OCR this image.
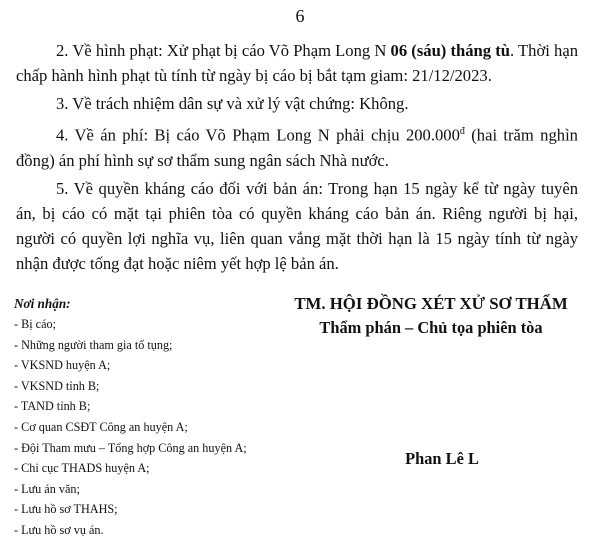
6

2. Về hình phạt: Xử phạt bị cáo Võ Phạm Long N 06 (sáu) tháng tù. Thời hạn chấp hành hình phạt tù tính từ ngày bị cáo bị bắt tạm giam: 21/12/2023.

3. Về trách nhiệm dân sự và xử lý vật chứng: Không.

4. Về án phí: Bị cáo Võ Phạm Long N phải chịu $200.000^đ$ (hai trăm nghìn đồng) án phí hình sự sơ thẩm sung ngân sách Nhà nước.

5. Về quyền kháng cáo đối với bản án: Trong hạn 15 ngày kể từ ngày tuyên án, bị cáo có mặt tại phiên tòa có quyền kháng cáo bản án. Riêng người bị hại, người có quyền lợi nghĩa vụ, liên quan vắng mặt thời hạn là 15 ngày tính từ ngày nhận được tống đạt hoặc niêm yết hợp lệ bản án.

Nơi nhận:
- Bị cáo;
- Những người tham gia tố tụng;
- VKSND huyện A;
- VKSND tỉnh B;
- TAND tỉnh B;
- Cơ quan CSĐT Công an huyện A;
- Đội Tham mưu – Tổng hợp Công an huyện A;
- Chi cục THADS huyện A;
- Lưu án văn;
- Lưu hồ sơ THAHS;
- Lưu hồ sơ vụ án.
TM. HỘI ĐỒNG XÉT XỬ SƠ THẨM
Thẩm phán – Chủ tọa phiên tòa
Phan Lê L
